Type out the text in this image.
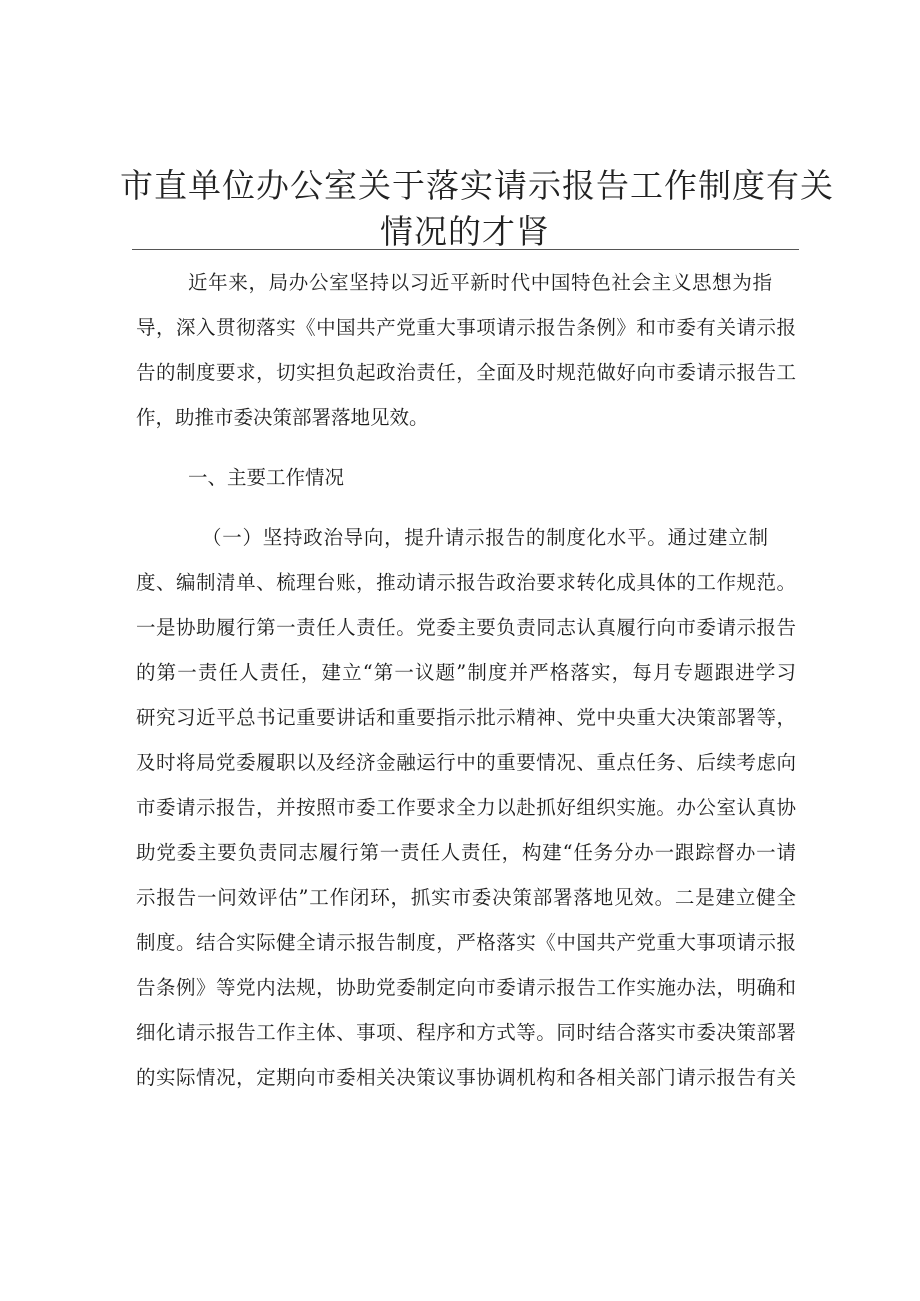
市直单位办公室关于落实请示报告工作制度有关
情况的才肾
近年来，局办公室坚持以习近平新时代中国特色社会主义思想为指
导，深入贯彻落实《中国共产党重大事项请示报告条例》和市委有关请示报
告的制度要求，切实担负起政治责任，全面及时规范做好向市委请示报告工
作，助推市委决策部署落地见效。
一、主要工作情况
（一）坚持政治导向，提升请示报告的制度化水平。通过建立制
度、编制清单、梳理台账，推动请示报告政治要求转化成具体的工作规范。
一是协助履行第一责任人责任。党委主要负责同志认真履行向市委请示报告
的第一责任人责任，建立“第一议题”制度并严格落实，每月专题跟进学习
研究习近平总书记重要讲话和重要指示批示精神、党中央重大决策部署等，
及时将局党委履职以及经济金融运行中的重要情况、重点任务、后续考虑向
市委请示报告，并按照市委工作要求全力以赴抓好组织实施。办公室认真协
助党委主要负责同志履行第一责任人责任，构建“任务分办一跟踪督办一请
示报告一问效评估”工作闭环，抓实市委决策部署落地见效。二是建立健全
制度。结合实际健全请示报告制度，严格落实《中国共产党重大事项请示报
告条例》等党内法规，协助党委制定向市委请示报告工作实施办法，明确和
细化请示报告工作主体、事项、程序和方式等。同时结合落实市委决策部署
的实际情况，定期向市委相关决策议事协调机构和各相关部门请示报告有关
